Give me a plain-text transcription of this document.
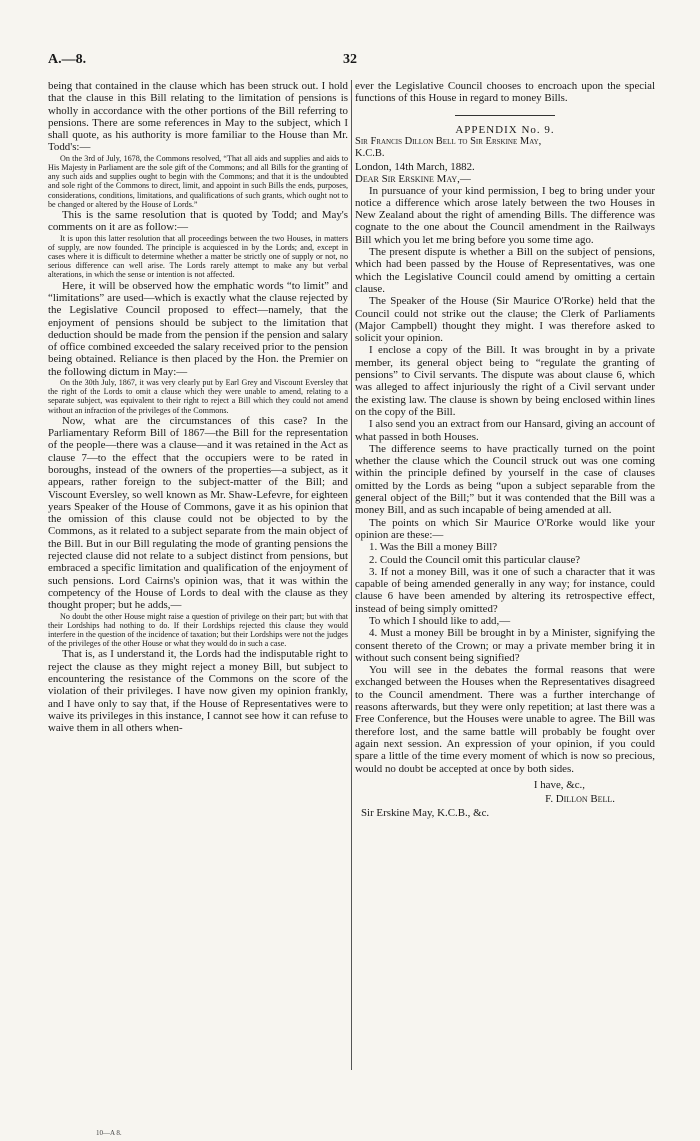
A.—8.	32

being that contained in the clause which has been struck out. I hold that the clause in this Bill relating to the limitation of pensions is wholly in accordance with the other portions of the Bill referring to pensions. There are some references in May to the subject, which I shall quote, as his authority is more familiar to the House than Mr. Todd's:—

On the 3rd of July, 1678, the Commons resolved, “That all aids and supplies and aids to His Majesty in Parliament are the sole gift of the Commons; and all Bills for the granting of any such aids and supplies ought to begin with the Commons; and that it is the undoubted and sole right of the Commons to direct, limit, and appoint in such Bills the ends, purposes, considerations, conditions, limitations, and qualifications of such grants, which ought not to be changed or altered by the House of Lords.”

This is the same resolution that is quoted by Todd; and May's comments on it are as follow:—

It is upon this latter resolution that all proceedings between the two Houses, in matters of supply, are now founded. The principle is acquiesced in by the Lords; and, except in cases where it is difficult to determine whether a matter be strictly one of supply or not, no serious difference can well arise. The Lords rarely attempt to make any but verbal alterations, in which the sense or intention is not affected.

Here, it will be observed how the emphatic words “to limit” and “limitations” are used—which is exactly what the clause rejected by the Legislative Council proposed to effect—namely, that the enjoyment of pensions should be subject to the limitation that deduction should be made from the pension if the pension and salary of office combined exceeded the salary received prior to the pension being obtained. Reliance is then placed by the Hon. the Premier on the following dictum in May:—

On the 30th July, 1867, it was very clearly put by Earl Grey and Viscount Eversley that the right of the Lords to omit a clause which they were unable to amend, relating to a separate subject, was equivalent to their right to reject a Bill which they could not amend without an infraction of the privileges of the Commons.

Now, what are the circumstances of this case? In the Parliamentary Reform Bill of 1867—the Bill for the representation of the people—there was a clause—and it was retained in the Act as clause 7—to the effect that the occupiers were to be rated in boroughs, instead of the owners of the properties—a subject, as it appears, rather foreign to the subject-matter of the Bill; and Viscount Eversley, so well known as Mr. Shaw-Lefevre, for eighteen years Speaker of the House of Commons, gave it as his opinion that the omission of this clause could not be objected to by the Commons, as it related to a subject separate from the main object of the Bill. But in our Bill regulating the mode of granting pensions the rejected clause did not relate to a subject distinct from pensions, but embraced a specific limitation and qualification of the enjoyment of such pensions. Lord Cairns's opinion was, that it was within the competency of the House of Lords to deal with the clause as they thought proper; but he adds,—

No doubt the other House might raise a question of privilege on their part; but with that their Lordships had nothing to do. If their Lordships rejected this clause they would interfere in the question of the incidence of taxation; but their Lordships were not the judges of the privileges of the other House or what they would do in such a case.

That is, as I understand it, the Lords had the indisputable right to reject the clause as they might reject a money Bill, but subject to encountering the resistance of the Commons on the score of the violation of their privileges. I have now given my opinion frankly, and I have only to say that, if the House of Representatives were to waive its privileges in this instance, I cannot see how it can refuse to waive them in all others when-

ever the Legislative Council chooses to encroach upon the special functions of this House in regard to money Bills.

APPENDIX No. 9.

Sir Francis Dillon Bell to Sir Erskine May,

K.C.B.

London, 14th March, 1882.

Dear Sir Erskine May,—

In pursuance of your kind permission, I beg to bring under your notice a difference which arose lately between the two Houses in New Zealand about the right of amending Bills. The difference was cognate to the one about the Council amendment in the Railways Bill which you let me bring before you some time ago.

The present dispute is whether a Bill on the subject of pensions, which had been passed by the House of Representatives, was one which the Legislative Council could amend by omitting a certain clause.

The Speaker of the House (Sir Maurice O'Rorke) held that the Council could not strike out the clause; the Clerk of Parliaments (Major Campbell) thought they might. I was therefore asked to solicit your opinion.

I enclose a copy of the Bill. It was brought in by a private member, its general object being to “regulate the granting of pensions” to Civil servants. The dispute was about clause 6, which was alleged to affect injuriously the right of a Civil servant under the existing law. The clause is shown by being enclosed within lines on the copy of the Bill.

I also send you an extract from our Hansard, giving an account of what passed in both Houses.

The difference seems to have practically turned on the point whether the clause which the Council struck out was one coming within the principle defined by yourself in the case of clauses omitted by the Lords as being “upon a subject separable from the general object of the Bill;” but it was contended that the Bill was a money Bill, and as such incapable of being amended at all.

The points on which Sir Maurice O'Rorke would like your opinion are these:—

1. Was the Bill a money Bill?

2. Could the Council omit this particular clause?

3. If not a money Bill, was it one of such a character that it was capable of being amended generally in any way; for instance, could clause 6 have been amended by altering its retrospective effect, instead of being simply omitted?

To which I should like to add,—

4. Must a money Bill be brought in by a Minister, signifying the consent thereto of the Crown; or may a private member bring it in without such consent being signified?

You will see in the debates the formal reasons that were exchanged between the Houses when the Representatives disagreed to the Council amendment. There was a further interchange of reasons afterwards, but they were only repetition; at last there was a Free Conference, but the Houses were unable to agree. The Bill was therefore lost, and the same battle will probably be fought over again next session. An expression of your opinion, if you could spare a little of the time every moment of which is now so precious, would no doubt be accepted at once by both sides.

I have, &c.,

F. Dillon Bell.

Sir Erskine May, K.C.B., &c.

10—A 8.
